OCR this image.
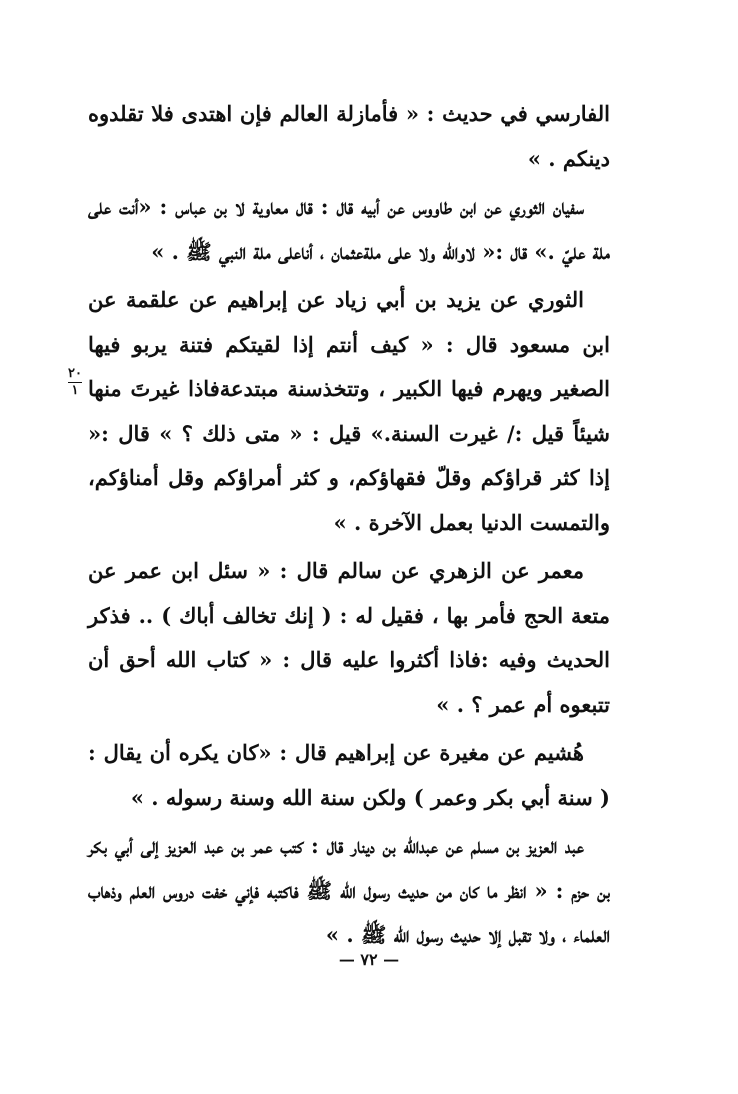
الفارسي في حديث : « فأمازلة العالم فإن اهتدى فلا تقلدوه دينكم . »

سفيان الثوري عن ابن طاووس عن أبيه قال : قال معاوية لا بن عباس : «أنت على ملة عليّ .» قال :« لاوالله ولا على ملةعثمان ، أناعلى ملة النبي ﷺ . »

الثوري عن يزيد بن أبي زياد عن إبراهيم عن علقمة عن ابن مسعود قال : « كيف أنتم إذا لقيتكم فتنة يربو فيها الصغير ويهرم فيها الكبير ، وتتخذسنة مبتدعةفاذا غيرتَ منها شيئاً قيل :/ غيرت السنة.» قيل : « متى ذلك ؟ » قال :« إذا كثر قراؤكم وقلّ فقهاؤكم، و كثر أمراؤكم وقل أمناؤكم، والتمست الدنيا بعمل الآخرة . »

معمر عن الزهري عن سالم قال : « سئل ابن عمر عن متعة الحج فأمر بها ، فقيل له : ( إنك تخالف أباك ) .. فذكر الحديث وفيه :فاذا أكثروا عليه قال : « كتاب الله أحق أن تتبعوه أم عمر ؟ . »

هُشيم عن مغيرة عن إبراهيم قال : «كان يكره أن يقال : ( سنة أبي بكر وعمر ) ولكن سنة الله وسنة رسوله . »

عبد العزيز بن مسلم عن عبدالله بن دينار قال : كتب عمر بن عبد العزيز إلى أبي بكر بن حزم : « انظر ما كان من حديث رسول الله ﷺ فاكتبه فإني خفت دروس العلم وذهاب العلماء ، ولا تقبل إلا حديث رسول الله ﷺ . »

٢٠
١
— ٧٢ —
